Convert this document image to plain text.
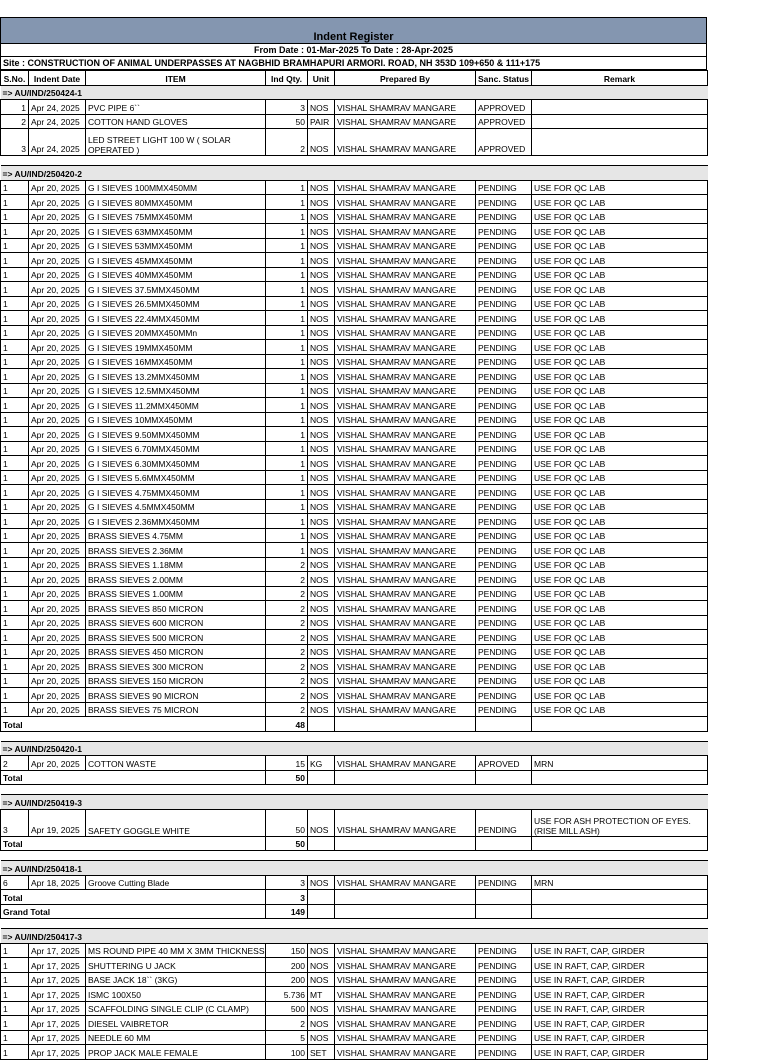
Indent Register
From Date : 01-Mar-2025 To Date : 28-Apr-2025
Site : CONSTRUCTION OF ANIMAL UNDERPASSES AT NAGBHID BRAMHAPURI ARMORI. ROAD, NH 353D 109+650 & 111+175
S.No.	Indent Date	ITEM	Ind Qty.	Unit	Prepared By	Sanc. Status	Remark
=> AU/IND/250424-1							
1	Apr 24, 2025	PVC PIPE 6``	3	NOS	VISHAL SHAMRAV MANGARE	APPROVED	
2	Apr 24, 2025	COTTON HAND GLOVES	50	PAIR	VISHAL SHAMRAV MANGARE	APPROVED	
3	Apr 24, 2025	LED STREET LIGHT 100 W ( SOLAR OPERATED )	2	NOS	VISHAL SHAMRAV MANGARE	APPROVED	

=> AU/IND/250420-2							
1	Apr 20, 2025	G I SIEVES 100MMX450MM	1	NOS	VISHAL SHAMRAV MANGARE	PENDING	USE FOR QC LAB
1	Apr 20, 2025	G I SIEVES 80MMX450MM	1	NOS	VISHAL SHAMRAV MANGARE	PENDING	USE FOR QC LAB
1	Apr 20, 2025	G I SIEVES 75MMX450MM	1	NOS	VISHAL SHAMRAV MANGARE	PENDING	USE FOR QC LAB
1	Apr 20, 2025	G I SIEVES 63MMX450MM	1	NOS	VISHAL SHAMRAV MANGARE	PENDING	USE FOR QC LAB
1	Apr 20, 2025	G I SIEVES 53MMX450MM	1	NOS	VISHAL SHAMRAV MANGARE	PENDING	USE FOR QC LAB
1	Apr 20, 2025	G I SIEVES 45MMX450MM	1	NOS	VISHAL SHAMRAV MANGARE	PENDING	USE FOR QC LAB
1	Apr 20, 2025	G I SIEVES 40MMX450MM	1	NOS	VISHAL SHAMRAV MANGARE	PENDING	USE FOR QC LAB
1	Apr 20, 2025	G I SIEVES 37.5MMX450MM	1	NOS	VISHAL SHAMRAV MANGARE	PENDING	USE FOR QC LAB
1	Apr 20, 2025	G I SIEVES 26.5MMX450MM	1	NOS	VISHAL SHAMRAV MANGARE	PENDING	USE FOR QC LAB
1	Apr 20, 2025	G I SIEVES 22.4MMX450MM	1	NOS	VISHAL SHAMRAV MANGARE	PENDING	USE FOR QC LAB
1	Apr 20, 2025	G I SIEVES 20MMX450MMn	1	NOS	VISHAL SHAMRAV MANGARE	PENDING	USE FOR QC LAB
1	Apr 20, 2025	G I SIEVES 19MMX450MM	1	NOS	VISHAL SHAMRAV MANGARE	PENDING	USE FOR QC LAB
1	Apr 20, 2025	G I SIEVES 16MMX450MM	1	NOS	VISHAL SHAMRAV MANGARE	PENDING	USE FOR QC LAB
1	Apr 20, 2025	G I SIEVES 13.2MMX450MM	1	NOS	VISHAL SHAMRAV MANGARE	PENDING	USE FOR QC LAB
1	Apr 20, 2025	G I SIEVES 12.5MMX450MM	1	NOS	VISHAL SHAMRAV MANGARE	PENDING	USE FOR QC LAB
1	Apr 20, 2025	G I SIEVES 11.2MMX450MM	1	NOS	VISHAL SHAMRAV MANGARE	PENDING	USE FOR QC LAB
1	Apr 20, 2025	G I SIEVES 10MMX450MM	1	NOS	VISHAL SHAMRAV MANGARE	PENDING	USE FOR QC LAB
1	Apr 20, 2025	G I SIEVES 9.50MMX450MM	1	NOS	VISHAL SHAMRAV MANGARE	PENDING	USE FOR QC LAB
1	Apr 20, 2025	G I SIEVES 6.70MMX450MM	1	NOS	VISHAL SHAMRAV MANGARE	PENDING	USE FOR QC LAB
1	Apr 20, 2025	G I SIEVES 6.30MMX450MM	1	NOS	VISHAL SHAMRAV MANGARE	PENDING	USE FOR QC LAB
1	Apr 20, 2025	G I SIEVES 5.6MMX450MM	1	NOS	VISHAL SHAMRAV MANGARE	PENDING	USE FOR QC LAB
1	Apr 20, 2025	G I SIEVES 4.75MMX450MM	1	NOS	VISHAL SHAMRAV MANGARE	PENDING	USE FOR QC LAB
1	Apr 20, 2025	G I SIEVES 4.5MMX450MM	1	NOS	VISHAL SHAMRAV MANGARE	PENDING	USE FOR QC LAB
1	Apr 20, 2025	G I SIEVES 2.36MMX450MM	1	NOS	VISHAL SHAMRAV MANGARE	PENDING	USE FOR QC LAB
1	Apr 20, 2025	BRASS SIEVES 4.75MM	1	NOS	VISHAL SHAMRAV MANGARE	PENDING	USE FOR QC LAB
1	Apr 20, 2025	BRASS SIEVES 2.36MM	1	NOS	VISHAL SHAMRAV MANGARE	PENDING	USE FOR QC LAB
1	Apr 20, 2025	BRASS SIEVES 1.18MM	2	NOS	VISHAL SHAMRAV MANGARE	PENDING	USE FOR QC LAB
1	Apr 20, 2025	BRASS SIEVES 2.00MM	2	NOS	VISHAL SHAMRAV MANGARE	PENDING	USE FOR QC LAB
1	Apr 20, 2025	BRASS SIEVES 1.00MM	2	NOS	VISHAL SHAMRAV MANGARE	PENDING	USE FOR QC LAB
1	Apr 20, 2025	BRASS SIEVES 850 MICRON	2	NOS	VISHAL SHAMRAV MANGARE	PENDING	USE FOR QC LAB
1	Apr 20, 2025	BRASS SIEVES 600 MICRON	2	NOS	VISHAL SHAMRAV MANGARE	PENDING	USE FOR QC LAB
1	Apr 20, 2025	BRASS SIEVES 500 MICRON	2	NOS	VISHAL SHAMRAV MANGARE	PENDING	USE FOR QC LAB
1	Apr 20, 2025	BRASS SIEVES 450 MICRON	2	NOS	VISHAL SHAMRAV MANGARE	PENDING	USE FOR QC LAB
1	Apr 20, 2025	BRASS SIEVES 300 MICRON	2	NOS	VISHAL SHAMRAV MANGARE	PENDING	USE FOR QC LAB
1	Apr 20, 2025	BRASS SIEVES 150 MICRON	2	NOS	VISHAL SHAMRAV MANGARE	PENDING	USE FOR QC LAB
1	Apr 20, 2025	BRASS SIEVES 90 MICRON	2	NOS	VISHAL SHAMRAV MANGARE	PENDING	USE FOR QC LAB
1	Apr 20, 2025	BRASS SIEVES 75 MICRON	2	NOS	VISHAL SHAMRAV MANGARE	PENDING	USE FOR QC LAB
Total			48				

=> AU/IND/250420-1							
2	Apr 20, 2025	COTTON WASTE	15	KG	VISHAL SHAMRAV MANGARE	APROVED	MRN
Total			50				

=> AU/IND/250419-3							
3	Apr 19, 2025	SAFETY GOGGLE WHITE	50	NOS	VISHAL SHAMRAV MANGARE	PENDING	USE FOR ASH PROTECTION OF EYES. (RISE MILL ASH)
Total			50				

=> AU/IND/250418-1							
6	Apr 18, 2025	Groove Cutting Blade	3	NOS	VISHAL SHAMRAV MANGARE	PENDING	MRN
Total			3				
Grand Total			149				

=> AU/IND/250417-3							
1	Apr 17, 2025	MS ROUND PIPE 40 MM X 3MM THICKNESS	150	NOS	VISHAL SHAMRAV MANGARE	PENDING	USE IN RAFT, CAP, GIRDER
1	Apr 17, 2025	SHUTTERING U JACK	200	NOS	VISHAL SHAMRAV MANGARE	PENDING	USE IN RAFT, CAP, GIRDER
1	Apr 17, 2025	BASE JACK 18`` (3KG)	200	NOS	VISHAL SHAMRAV MANGARE	PENDING	USE IN RAFT, CAP, GIRDER
1	Apr 17, 2025	ISMC 100X50	5.736	MT	VISHAL SHAMRAV MANGARE	PENDING	USE IN RAFT, CAP, GIRDER
1	Apr 17, 2025	SCAFFOLDING SINGLE CLIP (C CLAMP)	500	NOS	VISHAL SHAMRAV MANGARE	PENDING	USE IN RAFT, CAP, GIRDER
1	Apr 17, 2025	DIESEL VAIBRETOR	2	NOS	VISHAL SHAMRAV MANGARE	PENDING	USE IN RAFT, CAP, GIRDER
1	Apr 17, 2025	NEEDLE 60 MM	5	NOS	VISHAL SHAMRAV MANGARE	PENDING	USE IN RAFT, CAP, GIRDER
1	Apr 17, 2025	PROP JACK MALE FEMALE	100	SET	VISHAL SHAMRAV MANGARE	PENDING	USE IN RAFT, CAP, GIRDER
